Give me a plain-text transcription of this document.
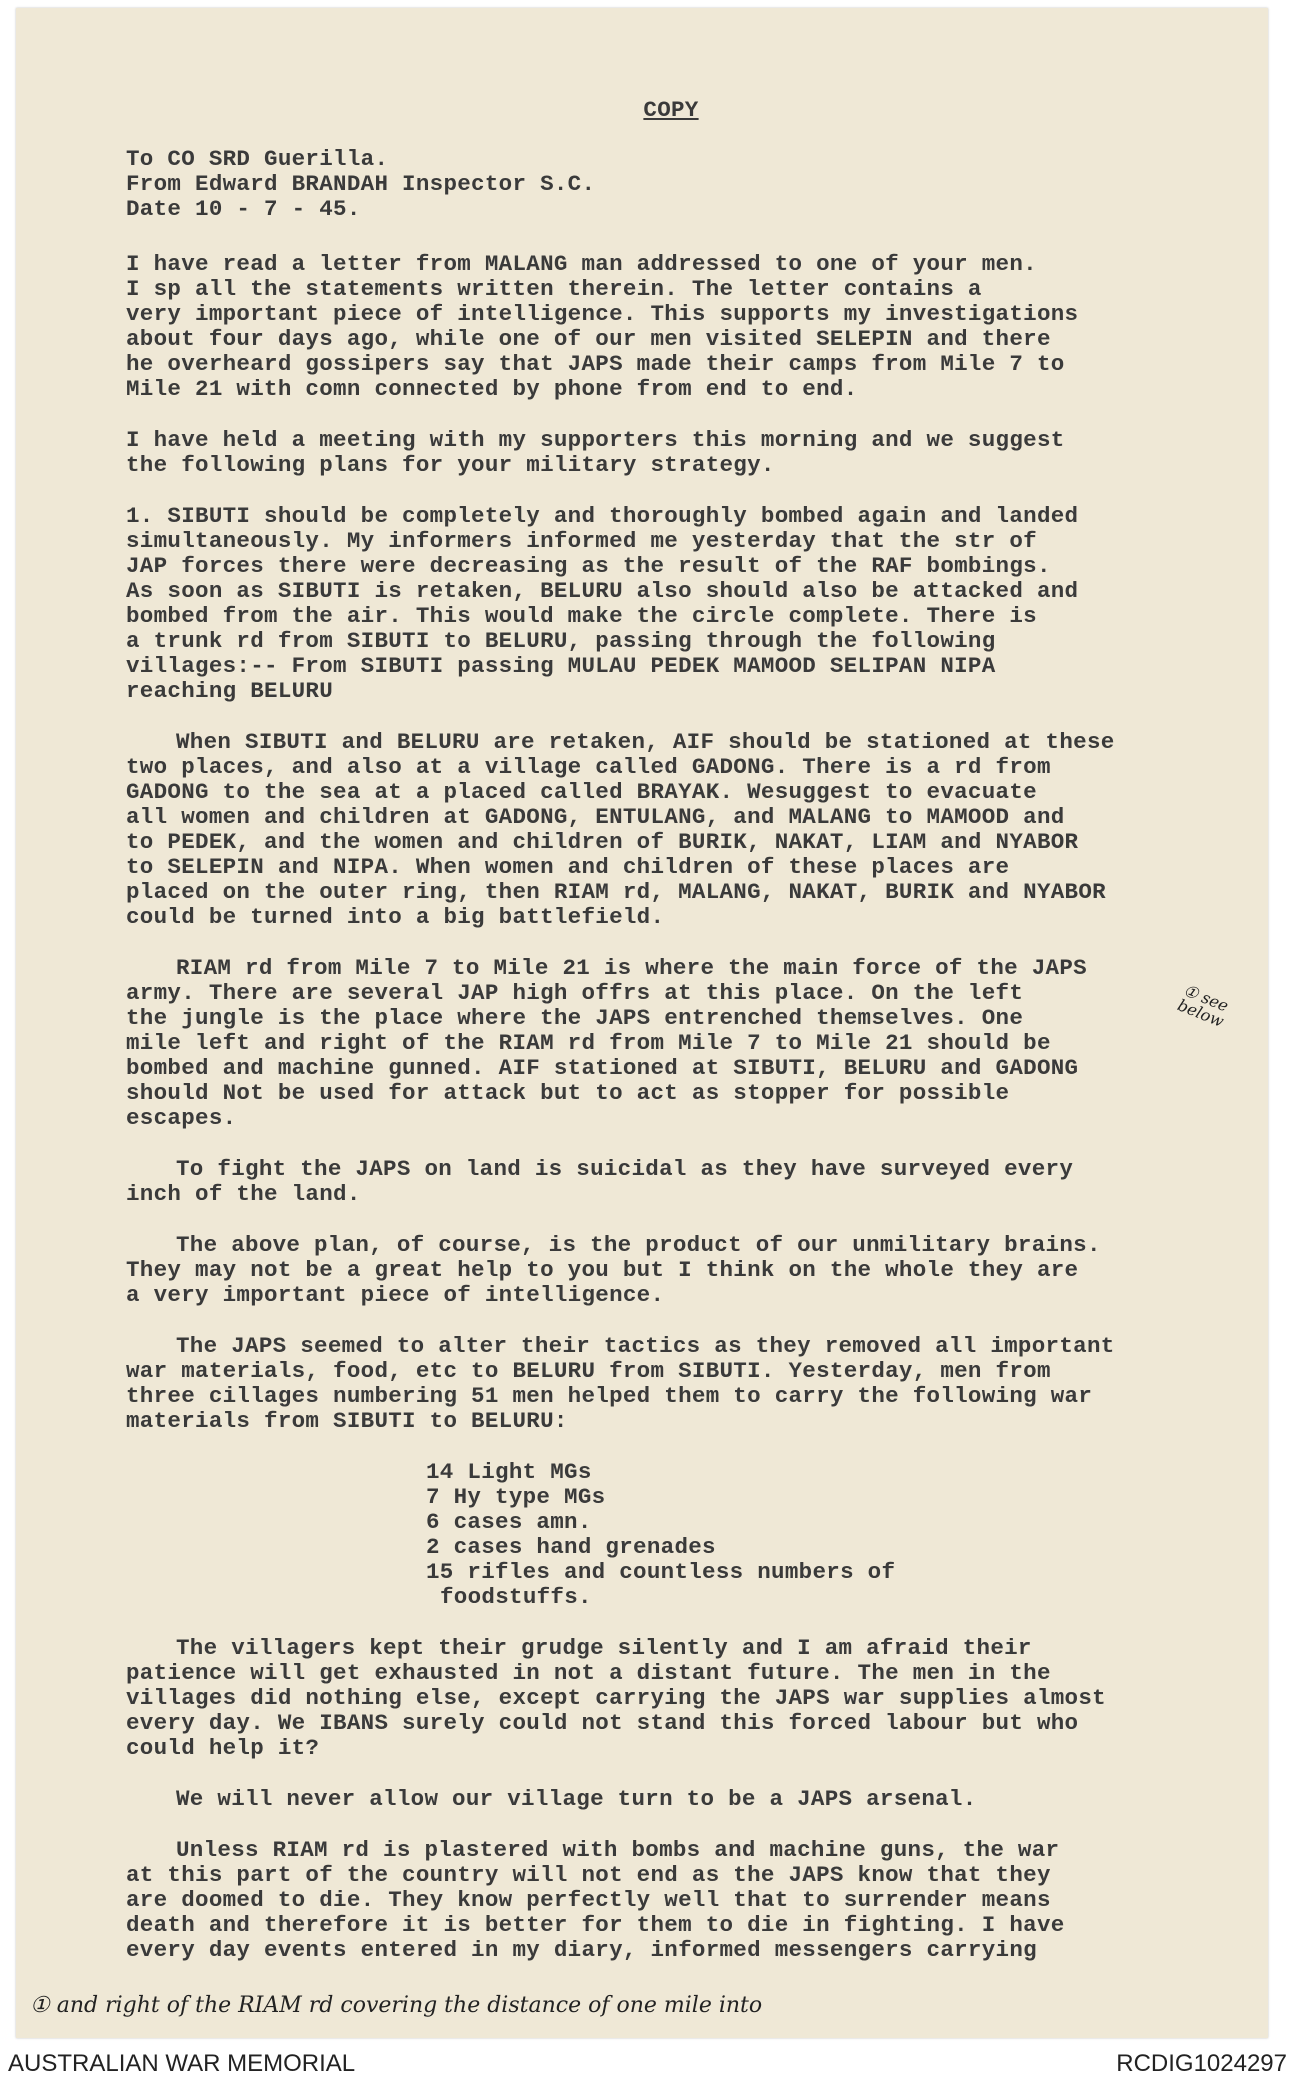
COPY
To CO SRD Guerilla.
From Edward BRANDAH Inspector S.C.
Date 10 - 7 - 45.
I have read a letter from MALANG man addressed to one of your men.
I sp all the statements written therein. The letter contains a
very important piece of intelligence. This supports my investigations
about four days ago, while one of our men visited SELEPIN and there
he overheard gossipers say that JAPS made their camps from Mile 7 to
Mile 21 with comn connected by phone from end to end.
I have held a meeting with my supporters this morning and we suggest
the following plans for your military strategy.
1. SIBUTI should be completely and thoroughly bombed again and landed
simultaneously. My informers informed me yesterday that the str of
JAP forces there were decreasing as the result of the RAF bombings.
As soon as SIBUTI is retaken, BELURU also should also be attacked and
bombed from the air. This would make the circle complete. There is
a trunk rd from SIBUTI to BELURU, passing through the following
villages:-- From SIBUTI passing MULAU PEDEK MAMOOD SELIPAN NIPA
reaching BELURU
When SIBUTI and BELURU are retaken, AIF should be stationed at these
two places, and also at a village called GADONG. There is a rd from
GADONG to the sea at a placed called BRAYAK. Wesuggest to evacuate
all women and children at GADONG, ENTULANG, and MALANG to MAMOOD and
to PEDEK, and the women and children of BURIK, NAKAT, LIAM and NYABOR
to SELEPIN and NIPA. When women and children of these places are
placed on the outer ring, then RIAM rd, MALANG, NAKAT, BURIK and NYABOR
could be turned into a big battlefield.
RIAM rd from Mile 7 to Mile 21 is where the main force of the JAPS
army. There are several JAP high offrs at this place. On the left
the jungle is the place where the JAPS entrenched themselves. One
mile left and right of the RIAM rd from Mile 7 to Mile 21 should be
bombed and machine gunned. AIF stationed at SIBUTI, BELURU and GADONG
should Not be used for attack but to act as stopper for possible
escapes.
To fight the JAPS on land is suicidal as they have surveyed every
inch of the land.
The above plan, of course, is the product of our unmilitary brains.
They may not be a great help to you but I think on the whole they are
a very important piece of intelligence.
The JAPS seemed to alter their tactics as they removed all important
war materials, food, etc to BELURU from SIBUTI. Yesterday, men from
three cillages numbering 51 men helped them to carry the following war
materials from SIBUTI to BELURU:
14 Light MGs
7 Hy type MGs
6 cases amn.
2 cases hand grenades
15 rifles and countless numbers of
foodstuffs.
The villagers kept their grudge silently and I am afraid their
patience will get exhausted in not a distant future. The men in the
villages did nothing else, except carrying the JAPS war supplies almost
every day. We IBANS surely could not stand this forced labour but who
could help it?
We will never allow our village turn to be a JAPS arsenal.
Unless RIAM rd is plastered with bombs and machine guns, the war
at this part of the country will not end as the JAPS know that they
are doomed to die. They know perfectly well that to surrender means
death and therefore it is better for them to die in fighting. I have
every day events entered in my diary, informed messengers carrying
① see below
① and right of the RIAM rd covering the distance of one mile into
AUSTRALIAN WAR MEMORIAL	RCDIG1024297
